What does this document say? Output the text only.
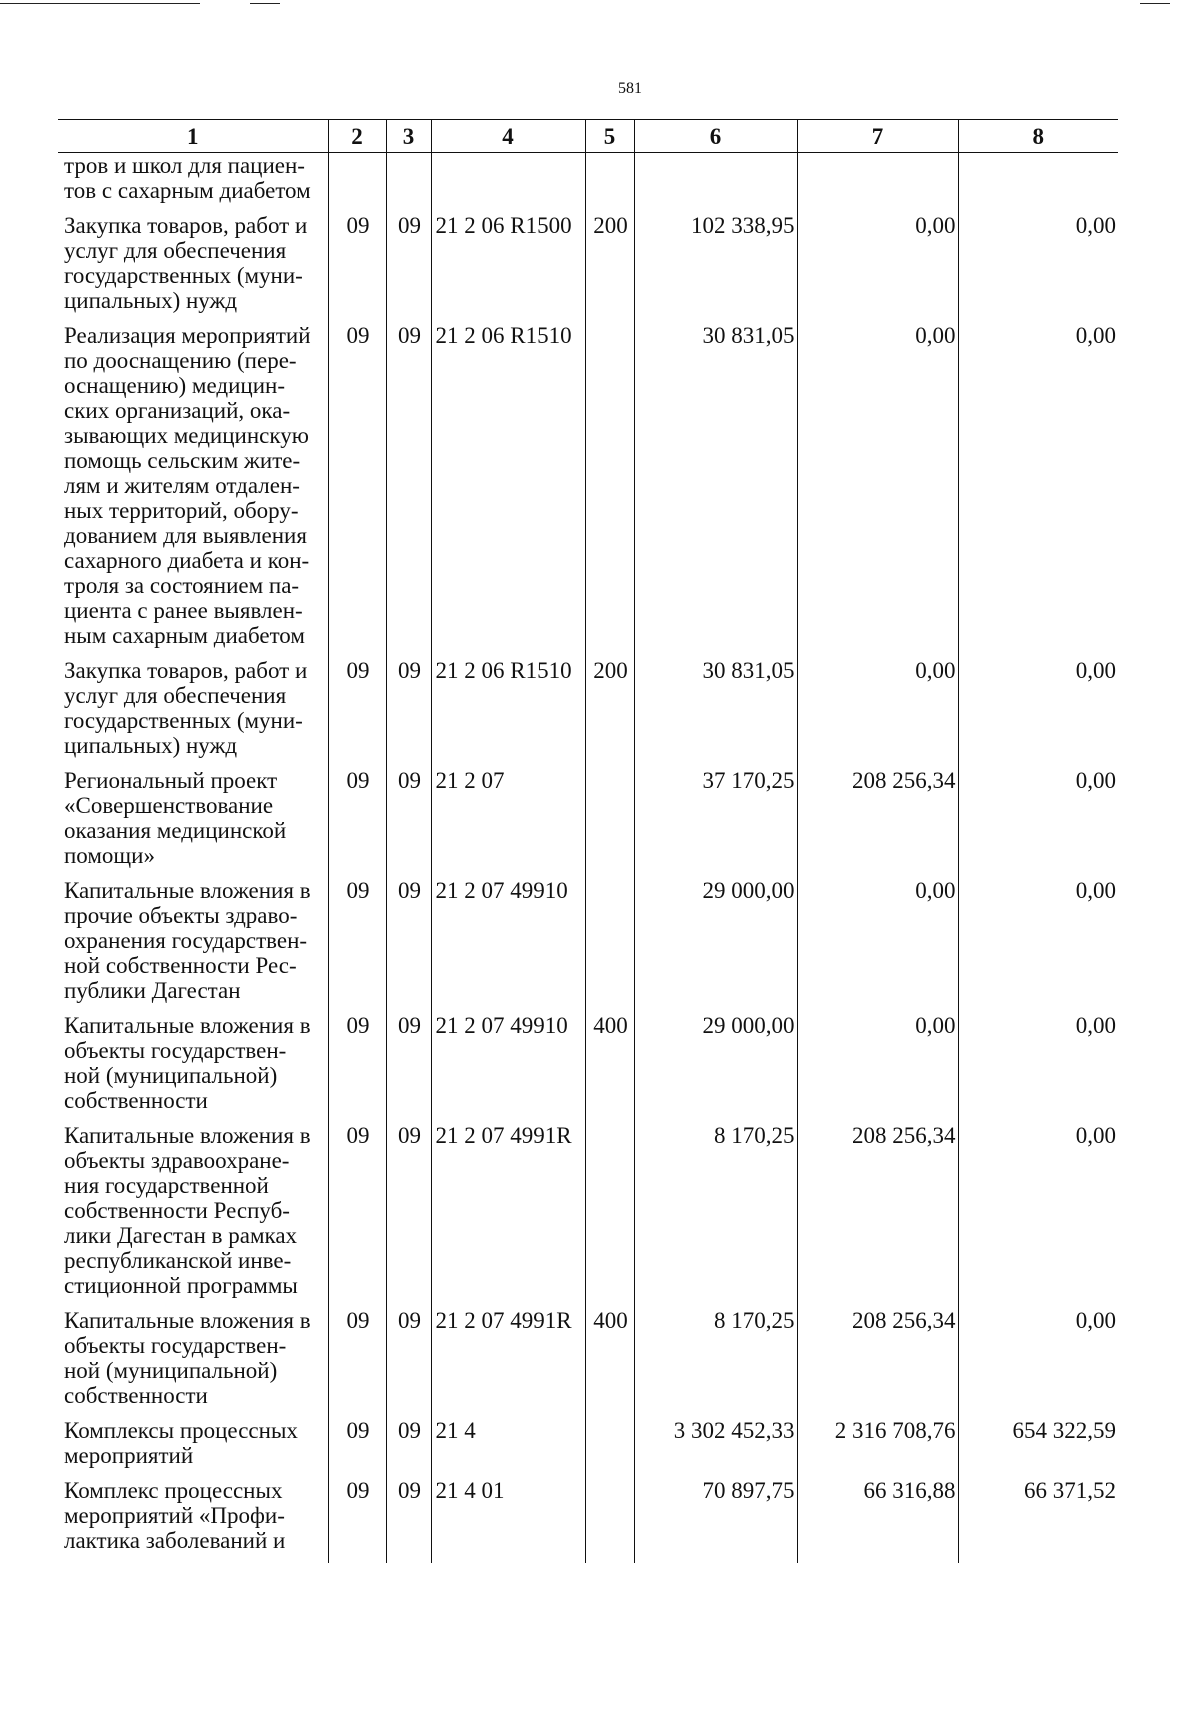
581
1	2	3	4	5	6	7	8
тров и школ для пациен-тов с сахарным диабетом							

Закупка товаров, работ и услуг для обеспечения государственных (муни-ципальных) нужд	09	09	21 2 06 R1500	200	102 338,95	0,00	0,00

Реализация мероприятий по дооснащению (пере-оснащению) медицин-ских организаций, ока-зывающих медицинскую помощь сельским жите-лям и жителям отдален-ных территорий, обору-дованием для выявления сахарного диабета и кон-троля за состоянием па-циента с ранее выявлен-ным сахарным диабетом	09	09	21 2 06 R1510		30 831,05	0,00	0,00

Закупка товаров, работ и услуг для обеспечения государственных (муни-ципальных) нужд	09	09	21 2 06 R1510	200	30 831,05	0,00	0,00

Региональный проект «Совершенствование оказания медицинской помощи»	09	09	21 2 07		37 170,25	208 256,34	0,00

Капитальные вложения в прочие объекты здраво-охранения государствен-ной собственности Рес-публики Дагестан	09	09	21 2 07 49910		29 000,00	0,00	0,00

Капитальные вложения в объекты государствен-ной (муниципальной) собственности	09	09	21 2 07 49910	400	29 000,00	0,00	0,00

Капитальные вложения в объекты здравоохране-ния государственной собственности Респуб-лики Дагестан в рамках республиканской инве-стиционной программы	09	09	21 2 07 4991R		8 170,25	208 256,34	0,00

Капитальные вложения в объекты государствен-ной (муниципальной) собственности	09	09	21 2 07 4991R	400	8 170,25	208 256,34	0,00

Комплексы процессных мероприятий	09	09	21 4		3 302 452,33	2 316 708,76	654 322,59

Комплекс процессных мероприятий «Профи-лактика заболеваний и	09	09	21 4 01		70 897,75	66 316,88	66 371,52
